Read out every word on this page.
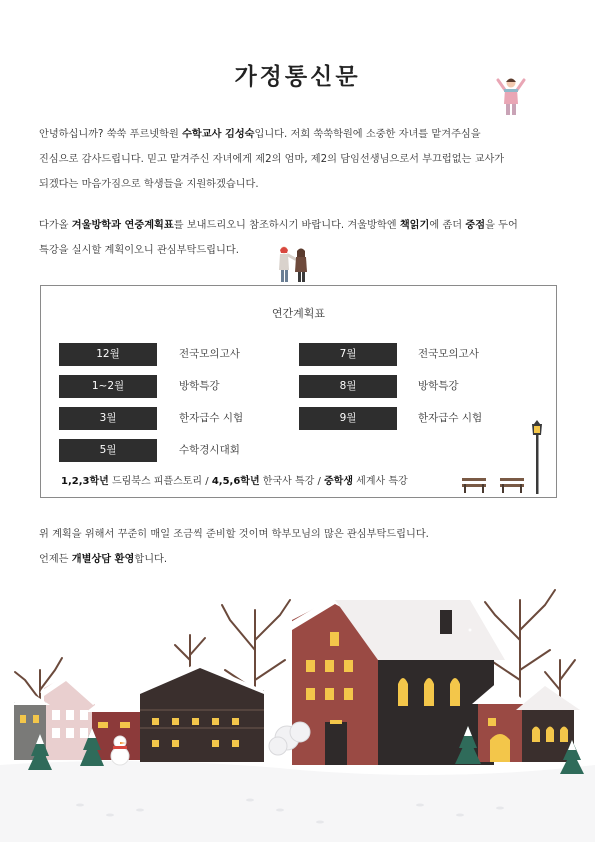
가정통신문
안녕하십니까? 쑥쑥 푸르넷학원 수학교사 김성숙입니다. 저희 쑥쑥학원에 소중한 자녀를 맡겨주심을
진심으로 감사드립니다. 믿고 맡겨주신 자녀에게 제2의 엄마, 제2의 담임선생님으로서 부끄럽없는 교사가
되겠다는 마음가짐으로 학생들을 지원하겠습니다.
다가올 겨울방학과 연중계획표를 보내드리오니 참조하시기 바랍니다. 겨울방학엔 책읽기에 좀더 중점을 두어
특강을 실시할 계획이오니 관심부탁드립니다.
연간계획표
12월	전국모의고사
1~2월	방학특강
3월	한자급수 시험
5월	수학경시대회
7월	전국모의고사
8월	방학특강
9월	한자급수 시험
1,2,3학년 드림북스 피플스토리 / 4,5,6학년 한국사 특강 / 중학생 세계사 특강
위 계획을 위해서 꾸준히 매일 조금씩 준비할 것이며 학부모님의 많은 관심부탁드립니다.
언제든 개별상담 환영합니다.
